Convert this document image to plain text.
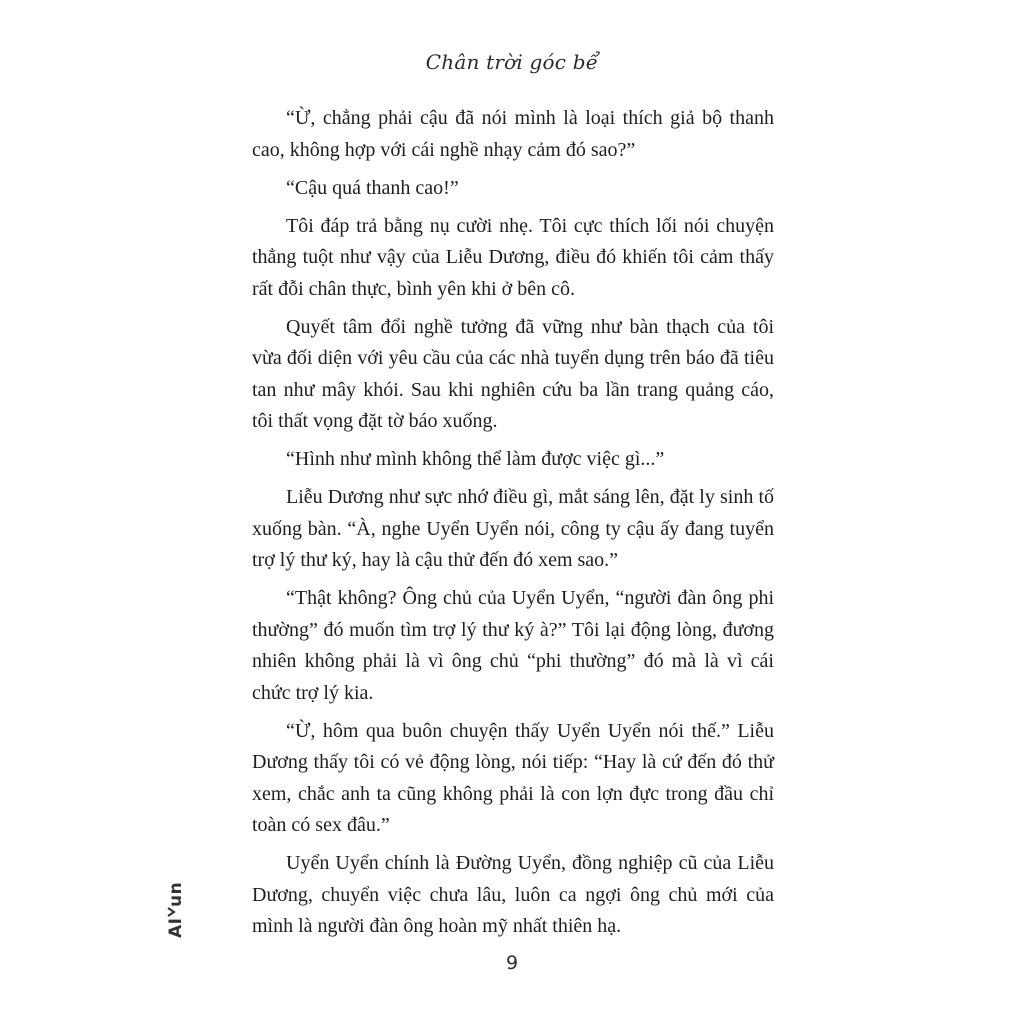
Chân trời góc bể

“Ừ, chẳng phải cậu đã nói mình là loại thích giả bộ thanh cao, không hợp với cái nghề nhạy cảm đó sao?”

“Cậu quá thanh cao!”

Tôi đáp trả bằng nụ cười nhẹ. Tôi cực thích lối nói chuyện thẳng tuột như vậy của Liễu Dương, điều đó khiến tôi cảm thấy rất đỗi chân thực, bình yên khi ở bên cô.

Quyết tâm đổi nghề tưởng đã vững như bàn thạch của tôi vừa đối diện với yêu cầu của các nhà tuyển dụng trên báo đã tiêu tan như mây khói. Sau khi nghiên cứu ba lần trang quảng cáo, tôi thất vọng đặt tờ báo xuống.

“Hình như mình không thể làm được việc gì...”

Liễu Dương như sực nhớ điều gì, mắt sáng lên, đặt ly sinh tố xuống bàn. “À, nghe Uyển Uyển nói, công ty cậu ấy đang tuyển trợ lý thư ký, hay là cậu thử đến đó xem sao.”

“Thật không? Ông chủ của Uyển Uyển, “người đàn ông phi thường” đó muốn tìm trợ lý thư ký à?” Tôi lại động lòng, đương nhiên không phải là vì ông chủ “phi thường” đó mà là vì cái chức trợ lý kia.

“Ừ, hôm qua buôn chuyện thấy Uyển Uyển nói thế.” Liễu Dương thấy tôi có vẻ động lòng, nói tiếp: “Hay là cứ đến đó thử xem, chắc anh ta cũng không phải là con lợn đực trong đầu chỉ toàn có sex đâu.”

Uyển Uyển chính là Đường Uyển, đồng nghiệp cũ của Liễu Dương, chuyển việc chưa lâu, luôn ca ngợi ông chủ mới của mình là người đàn ông hoàn mỹ nhất thiên hạ.

AI
un
9
